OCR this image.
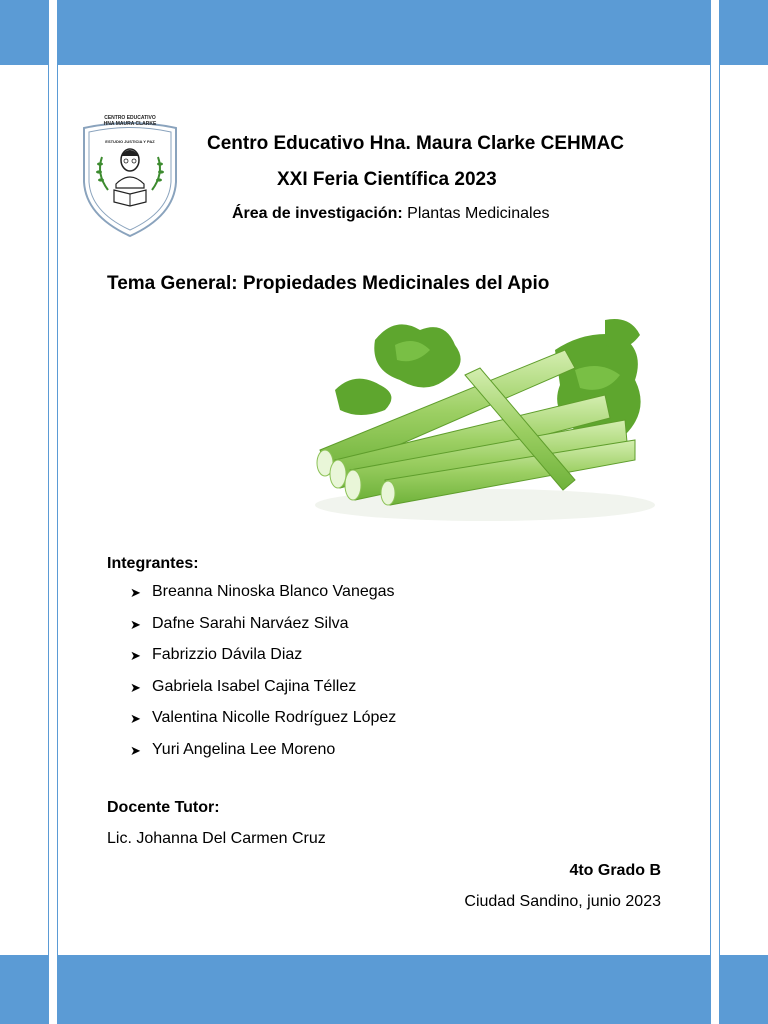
CENTRO EDUCATIVO
HNA MAURA CLARKE
ESTUDIO JUSTICIA Y PAZ	Centro Educativo Hna. Maura Clarke CEHMAC
XXI Feria Científica 2023
Área de investigación: Plantas Medicinales
Tema General: Propiedades Medicinales del Apio
Integrantes:
➤ Breanna Ninoska Blanco Vanegas
➤ Dafne Sarahi Narváez Silva
➤ Fabrizzio Dávila Diaz
➤ Gabriela Isabel Cajina Téllez
➤ Valentina Nicolle Rodríguez López
➤ Yuri Angelina Lee Moreno
Docente Tutor:
Lic. Johanna Del Carmen Cruz
4to Grado B
Ciudad Sandino, junio 2023
